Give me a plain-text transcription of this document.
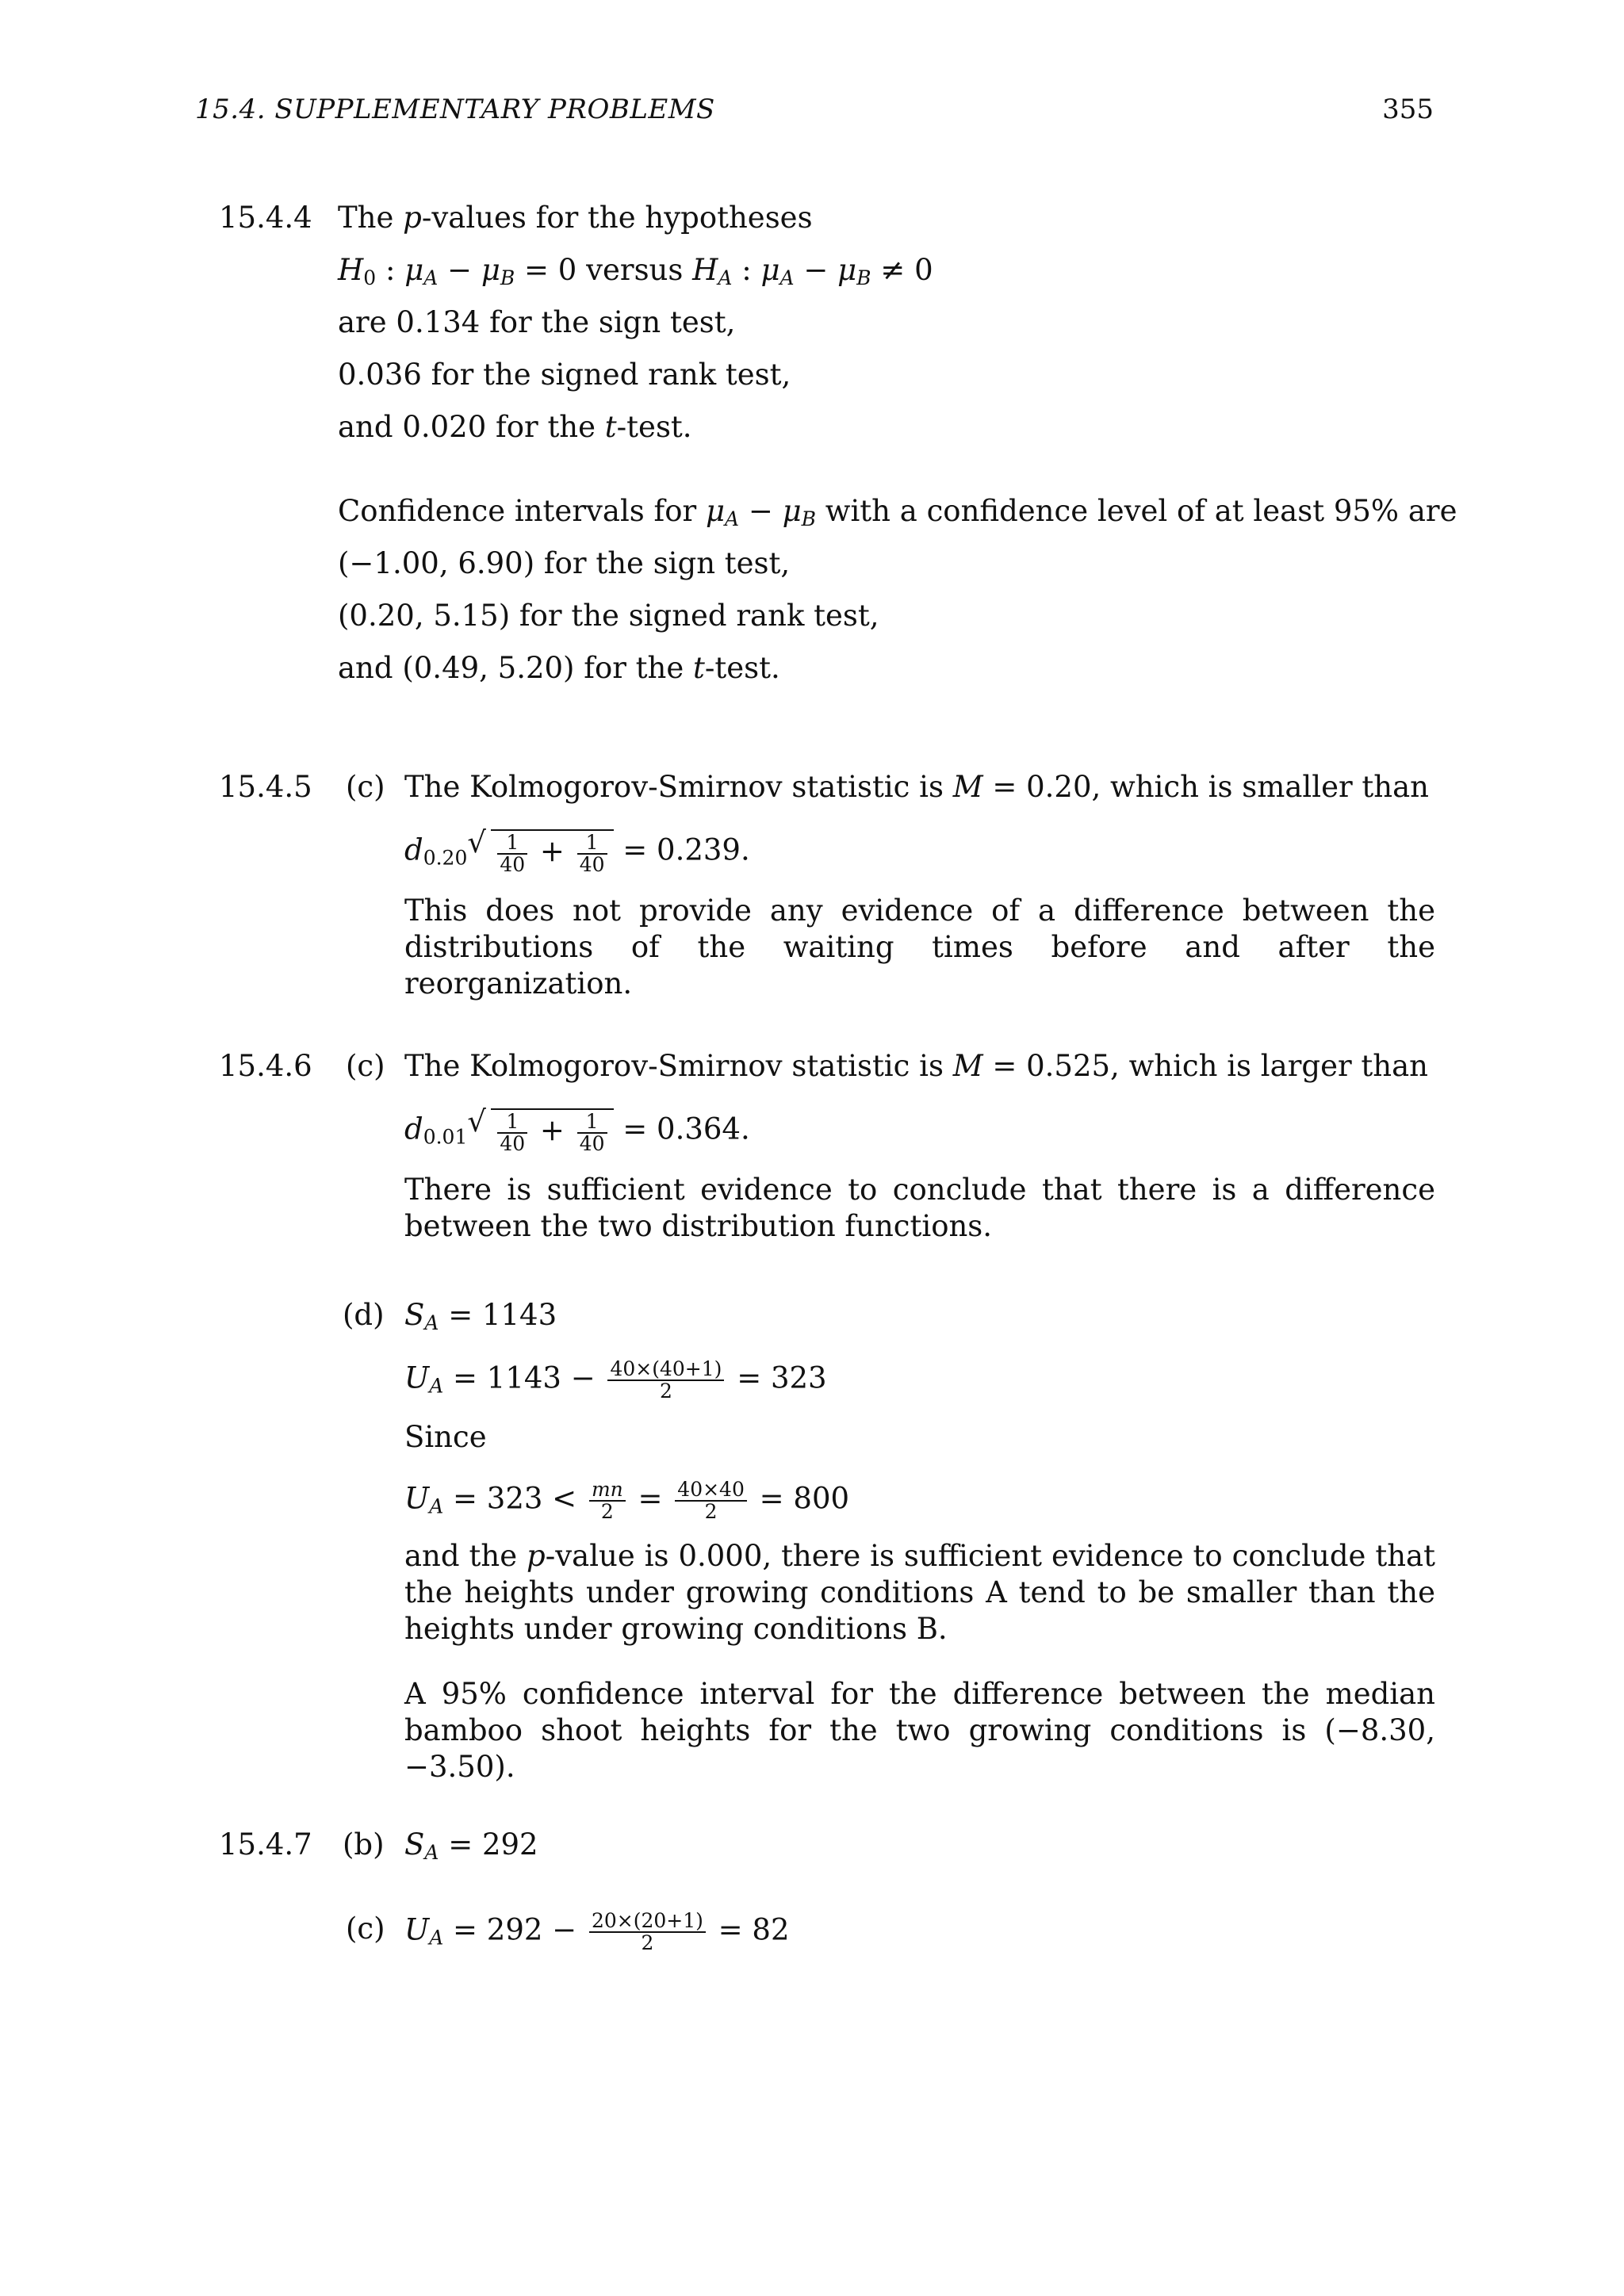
15.4. SUPPLEMENTARY PROBLEMS	355
15.4.4 The p-values for the hypotheses
$H_0$ : $\mu_A - \mu_B = 0$ versus $H_A$ : $\mu_A - \mu_B \ne 0$
are 0.134 for the sign test,
0.036 for the signed rank test,
and 0.020 for the t-test.
Confidence intervals for $\mu_A - \mu_B$ with a confidence level of at least 95% are
(−1.00, 6.90) for the sign test,
(0.20, 5.15) for the signed rank test,
and (0.49, 5.20) for the t-test.
15.4.5 (c) The Kolmogorov-Smirnov statistic is M = 0.20, which is smaller than
$d_{0.20}$ √ $\frac{1}{40} + \frac{1}{40} = 0.239$.
This does not provide any evidence of a difference between the distributions of the waiting times before and after the reorganization.
15.4.6 (c) The Kolmogorov-Smirnov statistic is M = 0.525, which is larger than
$d_{0.01}$ √ $\frac{1}{40} + \frac{1}{40} = 0.364$.
There is sufficient evidence to conclude that there is a difference between the two distribution functions.
(d) $S_A = 1143$
$U_A = 1143 - \frac{40\times(40+1)}{2} = 323$
Since
$U_A = 323 < \frac{mn}{2} = \frac{40\times 40}{2} = 800$
and the p-value is 0.000, there is sufficient evidence to conclude that the heights under growing conditions A tend to be smaller than the heights under growing conditions B.
A 95% confidence interval for the difference between the median bamboo shoot heights for the two growing conditions is (−8.30, −3.50).
15.4.7 (b) $S_A = 292$
(c) $U_A = 292 - \frac{20\times(20+1)}{2} = 82$
